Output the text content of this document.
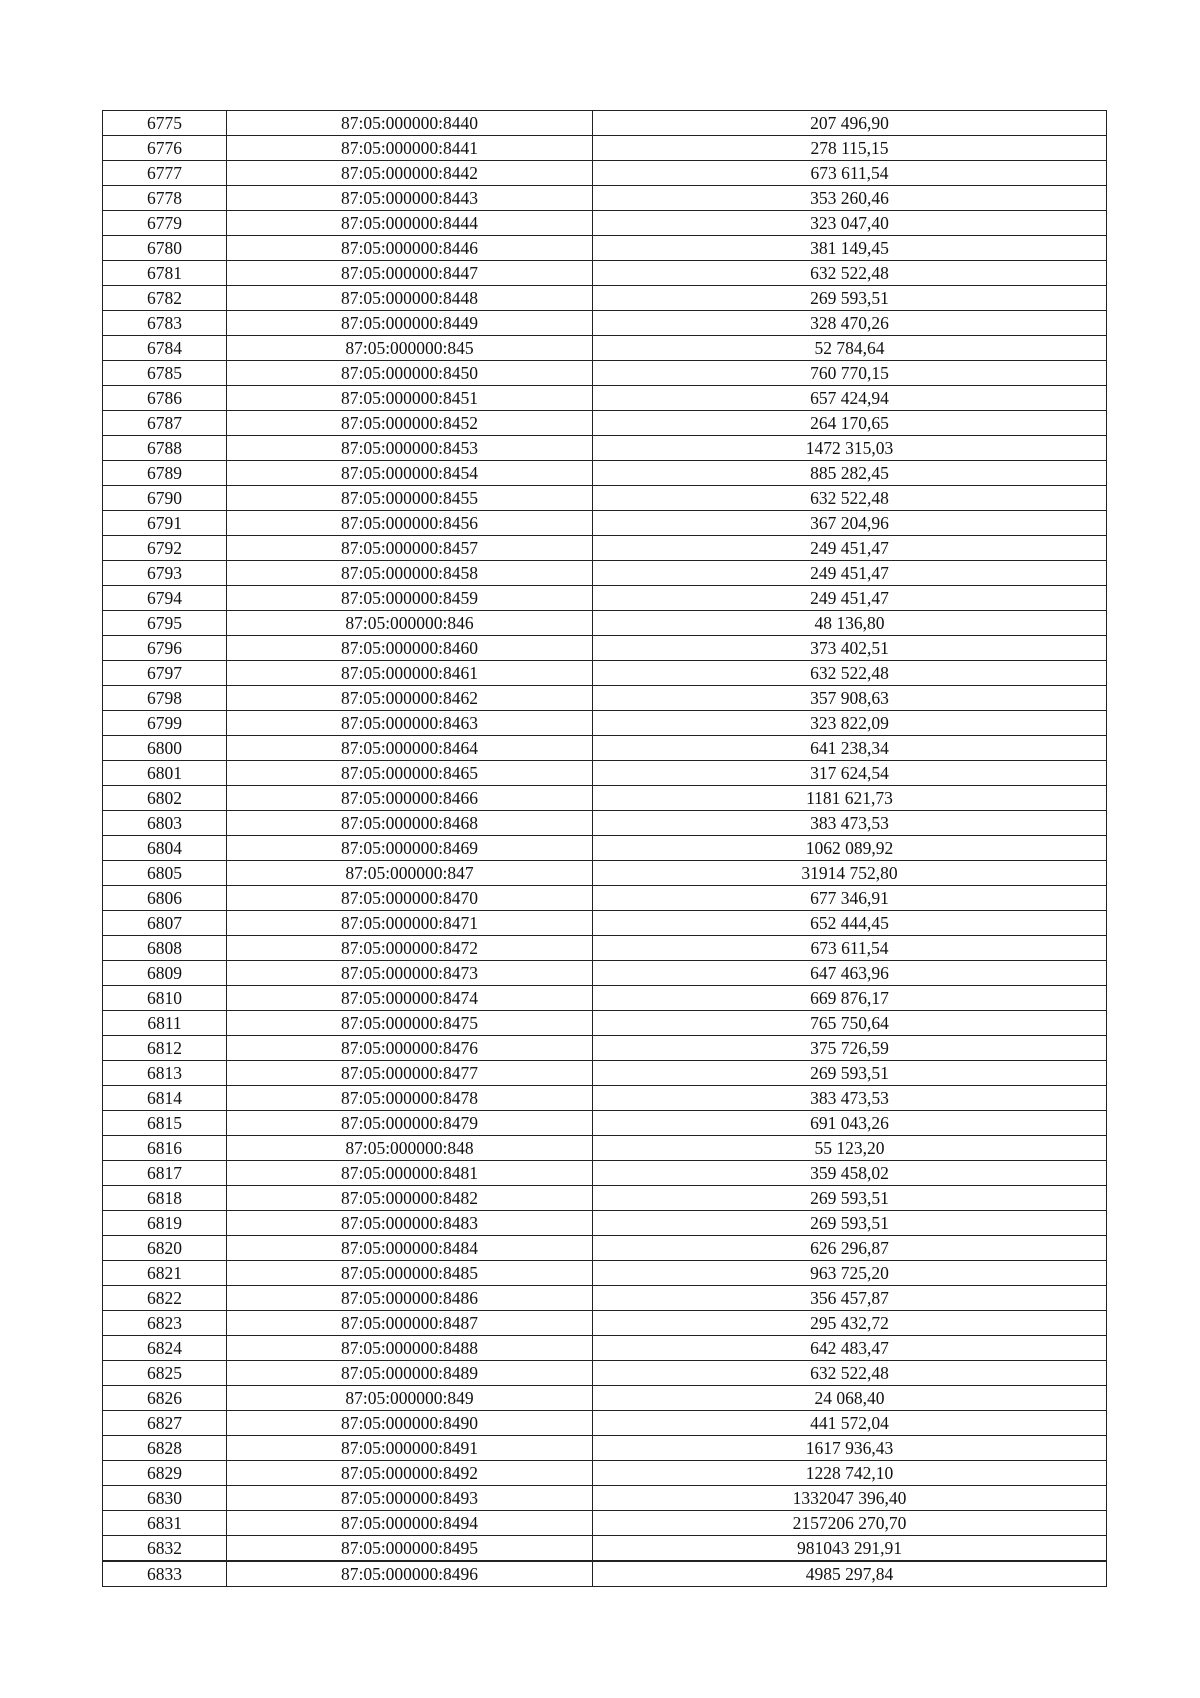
6775	87:05:000000:8440	207 496,90
6776	87:05:000000:8441	278 115,15
6777	87:05:000000:8442	673 611,54
6778	87:05:000000:8443	353 260,46
6779	87:05:000000:8444	323 047,40
6780	87:05:000000:8446	381 149,45
6781	87:05:000000:8447	632 522,48
6782	87:05:000000:8448	269 593,51
6783	87:05:000000:8449	328 470,26
6784	87:05:000000:845	52 784,64
6785	87:05:000000:8450	760 770,15
6786	87:05:000000:8451	657 424,94
6787	87:05:000000:8452	264 170,65
6788	87:05:000000:8453	1472 315,03
6789	87:05:000000:8454	885 282,45
6790	87:05:000000:8455	632 522,48
6791	87:05:000000:8456	367 204,96
6792	87:05:000000:8457	249 451,47
6793	87:05:000000:8458	249 451,47
6794	87:05:000000:8459	249 451,47
6795	87:05:000000:846	48 136,80
6796	87:05:000000:8460	373 402,51
6797	87:05:000000:8461	632 522,48
6798	87:05:000000:8462	357 908,63
6799	87:05:000000:8463	323 822,09
6800	87:05:000000:8464	641 238,34
6801	87:05:000000:8465	317 624,54
6802	87:05:000000:8466	1181 621,73
6803	87:05:000000:8468	383 473,53
6804	87:05:000000:8469	1062 089,92
6805	87:05:000000:847	31914 752,80
6806	87:05:000000:8470	677 346,91
6807	87:05:000000:8471	652 444,45
6808	87:05:000000:8472	673 611,54
6809	87:05:000000:8473	647 463,96
6810	87:05:000000:8474	669 876,17
6811	87:05:000000:8475	765 750,64
6812	87:05:000000:8476	375 726,59
6813	87:05:000000:8477	269 593,51
6814	87:05:000000:8478	383 473,53
6815	87:05:000000:8479	691 043,26
6816	87:05:000000:848	55 123,20
6817	87:05:000000:8481	359 458,02
6818	87:05:000000:8482	269 593,51
6819	87:05:000000:8483	269 593,51
6820	87:05:000000:8484	626 296,87
6821	87:05:000000:8485	963 725,20
6822	87:05:000000:8486	356 457,87
6823	87:05:000000:8487	295 432,72
6824	87:05:000000:8488	642 483,47
6825	87:05:000000:8489	632 522,48
6826	87:05:000000:849	24 068,40
6827	87:05:000000:8490	441 572,04
6828	87:05:000000:8491	1617 936,43
6829	87:05:000000:8492	1228 742,10
6830	87:05:000000:8493	1332047 396,40
6831	87:05:000000:8494	2157206 270,70
6832	87:05:000000:8495	981043 291,91
6833	87:05:000000:8496	4985 297,84
